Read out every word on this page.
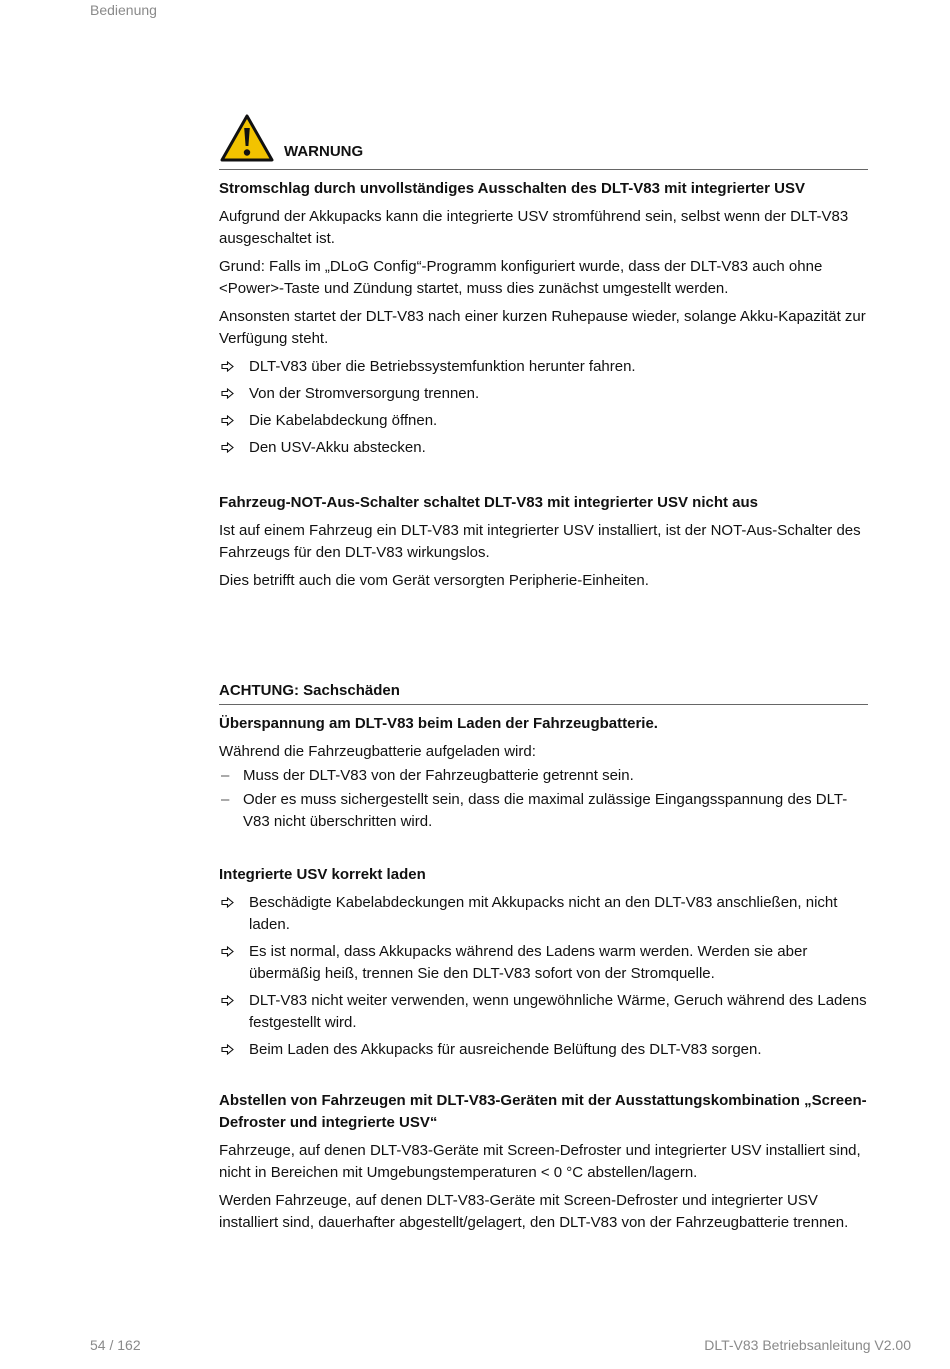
Bedienung
WARNUNG
Stromschlag durch unvollständiges Ausschalten des DLT-V83 mit integrierter USV
Aufgrund der Akkupacks kann die integrierte USV stromführend sein, selbst wenn der DLT-V83 ausgeschaltet ist.
Grund: Falls im „DLoG Config“-Programm konfiguriert wurde, dass der DLT-V83 auch ohne <Power>-Taste und Zündung startet, muss dies zunächst umgestellt werden.
Ansonsten startet der DLT-V83 nach einer kurzen Ruhepause wieder, solange Akku-Kapazität zur Verfügung steht.
DLT-V83 über die Betriebssystemfunktion herunter fahren.
Von der Stromversorgung trennen.
Die Kabelabdeckung öffnen.
Den USV-Akku abstecken.
Fahrzeug-NOT-Aus-Schalter schaltet DLT-V83 mit integrierter USV nicht aus
Ist auf einem Fahrzeug ein DLT-V83 mit integrierter USV installiert, ist der NOT-Aus-Schalter des Fahrzeugs für den DLT-V83 wirkungslos.
Dies betrifft auch die vom Gerät versorgten Peripherie-Einheiten.
ACHTUNG: Sachschäden
Überspannung am DLT-V83 beim Laden der Fahrzeugbatterie.
Während die Fahrzeugbatterie aufgeladen wird:
– Muss der DLT-V83 von der Fahrzeugbatterie getrennt sein.
– Oder es muss sichergestellt sein, dass die maximal zulässige Eingangsspannung des DLT-V83 nicht überschritten wird.
Integrierte USV korrekt laden
Beschädigte Kabelabdeckungen mit Akkupacks nicht an den DLT-V83 anschließen, nicht laden.
Es ist normal, dass Akkupacks während des Ladens warm werden. Werden sie aber übermäßig heiß, trennen Sie den DLT-V83 sofort von der Stromquelle.
DLT-V83 nicht weiter verwenden, wenn ungewöhnliche Wärme, Geruch während des Ladens festgestellt wird.
Beim Laden des Akkupacks für ausreichende Belüftung des DLT-V83 sorgen.
Abstellen von Fahrzeugen mit DLT-V83-Geräten mit der Ausstattungskombination „Screen-Defroster und integrierte USV“
Fahrzeuge, auf denen DLT-V83-Geräte mit Screen-Defroster und integrierter USV installiert sind, nicht in Bereichen mit Umgebungstemperaturen < 0 °C abstellen/lagern.
Werden Fahrzeuge, auf denen DLT-V83-Geräte mit Screen-Defroster und integrierter USV installiert sind, dauerhafter abgestellt/gelagert, den DLT-V83 von der Fahrzeugbatterie trennen.
54 / 162	DLT-V83 Betriebsanleitung V2.00
